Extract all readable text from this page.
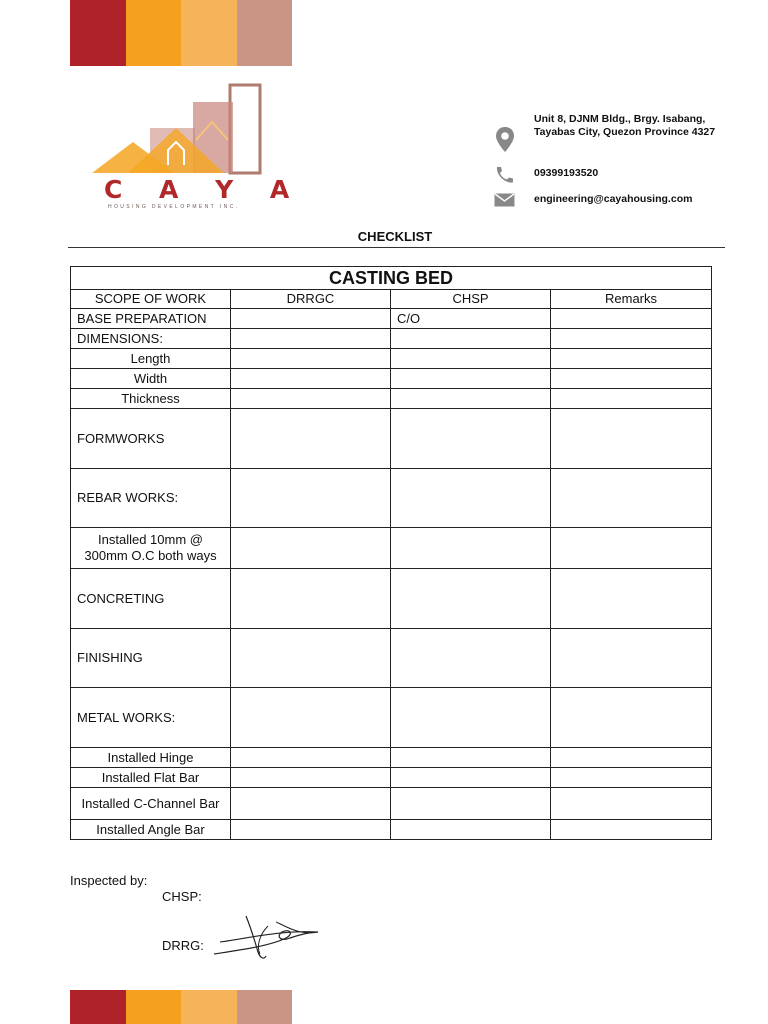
C A Y A
HOUSING DEVELOPMENT INC.
Unit 8, DJNM Bldg., Brgy. Isabang, Tayabas City, Quezon Province 4327
09399193520
engineering@cayahousing.com
CHECKLIST
CASTING BED			
SCOPE OF WORK	DRRGC	CHSP	Remarks
BASE PREPARATION		C/O	
DIMENSIONS:			
Length			
Width			
Thickness			
FORMWORKS			
REBAR WORKS:			
Installed 10mm @ 300mm O.C both ways			
CONCRETING			
FINISHING			
METAL WORKS:			
Installed Hinge			
Installed Flat Bar			
Installed C-Channel Bar			
Installed Angle Bar			
Inspected by:
CHSP:
DRRG:
